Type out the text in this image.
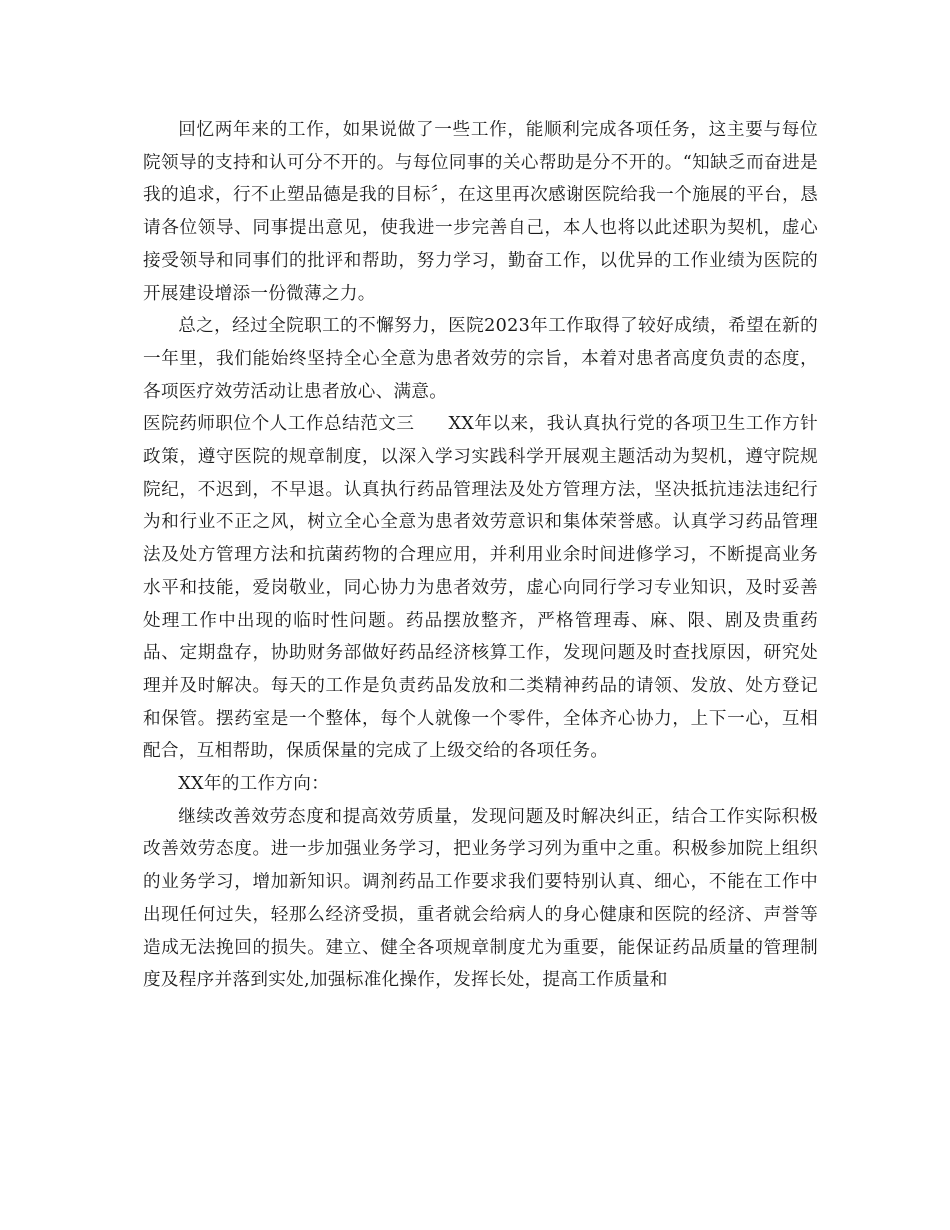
回忆两年来的工作，如果说做了一些工作，能顺利完成各项任务，这主要与每位院领导的支持和认可分不开的。与每位同事的关心帮助是分不开的。“知缺乏而奋进是我的追求，行不止塑品德是我的目标〞，在这里再次感谢医院给我一个施展的平台，恳请各位领导、同事提出意见，使我进一步完善自己，本人也将以此述职为契机，虚心接受领导和同事们的批评和帮助，努力学习，勤奋工作，以优异的工作业绩为医院的开展建设增添一份微薄之力。

总之，经过全院职工的不懈努力，医院2023年工作取得了较好成绩，希望在新的一年里，我们能始终坚持全心全意为患者效劳的宗旨，本着对患者高度负责的态度，各项医疗效劳活动让患者放心、满意。

医院药师职位个人工作总结范文三 XX年以来，我认真执行党的各项卫生工作方针政策，遵守医院的规章制度，以深入学习实践科学开展观主题活动为契机，遵守院规院纪，不迟到，不早退。认真执行药品管理法及处方管理方法，坚决抵抗违法违纪行为和行业不正之风，树立全心全意为患者效劳意识和集体荣誉感。认真学习药品管理法及处方管理方法和抗菌药物的合理应用，并利用业余时间进修学习，不断提高业务水平和技能，爱岗敬业，同心协力为患者效劳，虚心向同行学习专业知识，及时妥善处理工作中出现的临时性问题。药品摆放整齐，严格管理毒、麻、限、剧及贵重药品、定期盘存，协助财务部做好药品经济核算工作，发现问题及时查找原因，研究处理并及时解决。每天的工作是负责药品发放和二类精神药品的请领、发放、处方登记和保管。摆药室是一个整体，每个人就像一个零件，全体齐心协力，上下一心，互相配合，互相帮助，保质保量的完成了上级交给的各项任务。

XX年的工作方向：

继续改善效劳态度和提高效劳质量，发现问题及时解决纠正，结合工作实际积极改善效劳态度。进一步加强业务学习，把业务学习列为重中之重。积极参加院上组织的业务学习，增加新知识。调剂药品工作要求我们要特别认真、细心，不能在工作中出现任何过失，轻那么经济受损，重者就会给病人的身心健康和医院的经济、声誉等造成无法挽回的损失。建立、健全各项规章制度尤为重要，能保证药品质量的管理制度及程序并落到实处,加强标准化操作，发挥长处，提高工作质量和
